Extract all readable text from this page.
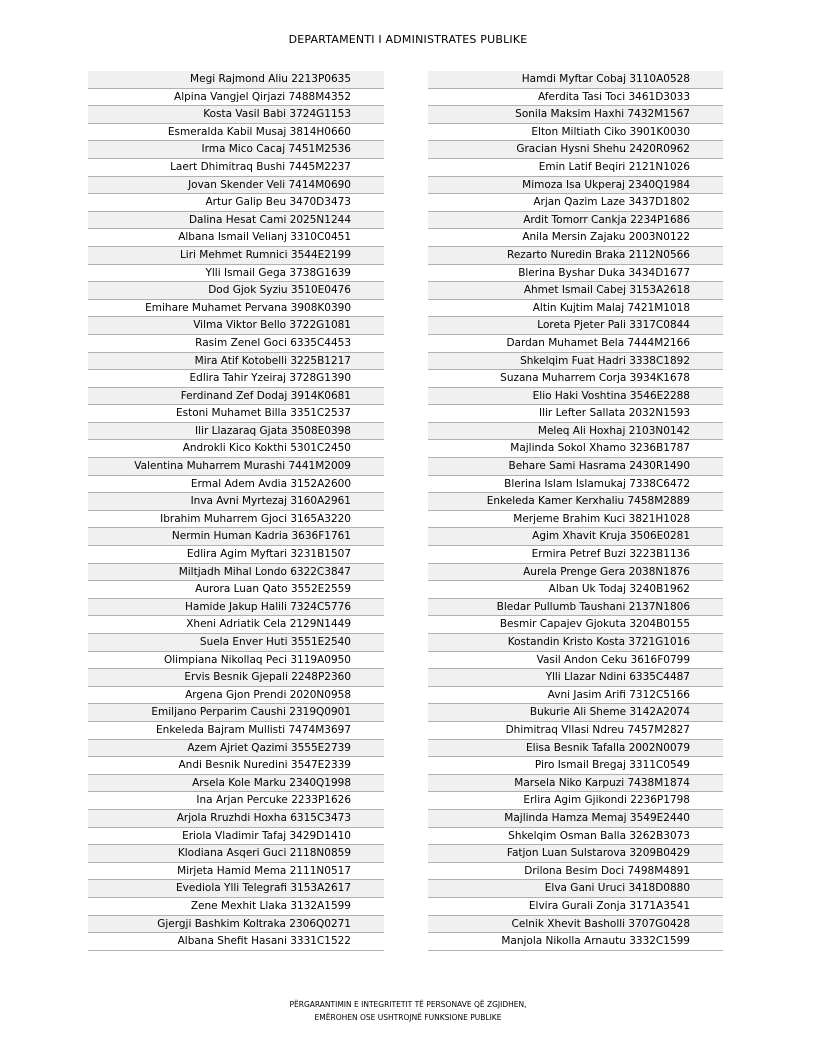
DEPARTAMENTI I ADMINISTRATES PUBLIKE
Megi Rajmond Aliu 2213P0635
Alpina Vangjel Qirjazi 7488M4352
Kosta Vasil Babi 3724G1153
Esmeralda Kabil Musaj 3814H0660
Irma Mico Cacaj 7451M2536
Laert Dhimitraq Bushi 7445M2237
Jovan Skender Veli 7414M0690
Artur Galip Beu 3470D3473
Dalina Hesat Cami 2025N1244
Albana Ismail Velianj 3310C0451
Liri Mehmet Rumnici 3544E2199
Ylli Ismail Gega 3738G1639
Dod Gjok Syziu 3510E0476
Emihare Muhamet Pervana 3908K0390
Vilma Viktor Bello 3722G1081
Rasim Zenel Goci 6335C4453
Mira Atif Kotobelli 3225B1217
Edlira Tahir Yzeiraj 3728G1390
Ferdinand Zef Dodaj 3914K0681
Estoni Muhamet Billa 3351C2537
Ilir Llazaraq Gjata 3508E0398
Androkli Kico Kokthi 5301C2450
Valentina Muharrem Murashi 7441M2009
Ermal Adem Avdia 3152A2600
Inva Avni Myrtezaj 3160A2961
Ibrahim Muharrem Gjoci 3165A3220
Nermin Human Kadria 3636F1761
Edlira Agim Myftari 3231B1507
Miltjadh Mihal Londo 6322C3847
Aurora Luan Qato 3552E2559
Hamide Jakup Halili 7324C5776
Xheni Adriatik Cela 2129N1449
Suela Enver Huti 3551E2540
Olimpiana Nikollaq Peci 3119A0950
Ervis Besnik Gjepali 2248P2360
Argena Gjon Prendi 2020N0958
Emiljano Perparim Caushi 2319Q0901
Enkeleda Bajram Mullisti 7474M3697
Azem Ajriet Qazimi 3555E2739
Andi Besnik Nuredini 3547E2339
Arsela Kole Marku 2340Q1998
Ina Arjan Percuke 2233P1626
Arjola Rruzhdi Hoxha 6315C3473
Eriola Vladimir Tafaj 3429D1410
Klodiana Asqeri Guci 2118N0859
Mirjeta Hamid Mema 2111N0517
Evediola Ylli Telegrafi 3153A2617
Zene Mexhit Llaka 3132A1599
Gjergji Bashkim Koltraka 2306Q0271
Albana Shefit Hasani 3331C1522
Hamdi Myftar Cobaj 3110A0528
Aferdita Tasi Toci 3461D3033
Sonila Maksim Haxhi 7432M1567
Elton Miltiath Ciko 3901K0030
Gracian Hysni Shehu 2420R0962
Emin Latif Beqiri 2121N1026
Mimoza Isa Ukperaj 2340Q1984
Arjan Qazim Laze 3437D1802
Ardit Tomorr Cankja 2234P1686
Anila Mersin Zajaku 2003N0122
Rezarto Nuredin Braka 2112N0566
Blerina Byshar Duka 3434D1677
Ahmet Ismail Cabej 3153A2618
Altin Kujtim Malaj 7421M1018
Loreta Pjeter Pali 3317C0844
Dardan Muhamet Bela 7444M2166
Shkelqim Fuat Hadri 3338C1892
Suzana Muharrem Corja 3934K1678
Elio Haki Voshtina 3546E2288
Ilir Lefter Sallata 2032N1593
Meleq Ali Hoxhaj 2103N0142
Majlinda Sokol Xhamo 3236B1787
Behare Sami Hasrama 2430R1490
Blerina Islam Islamukaj 7338C6472
Enkeleda Kamer Kerxhaliu 7458M2889
Merjeme Brahim Kuci 3821H1028
Agim Xhavit Kruja 3506E0281
Ermira Petref Buzi 3223B1136
Aurela Prenge Gera 2038N1876
Alban Uk Todaj 3240B1962
Bledar Pullumb Taushani 2137N1806
Besmir Capajev Gjokuta 3204B0155
Kostandin Kristo Kosta 3721G1016
Vasil Andon Ceku 3616F0799
Ylli Llazar Ndini 6335C4487
Avni Jasim Arifi 7312C5166
Bukurie Ali Sheme 3142A2074
Dhimitraq Vllasi Ndreu 7457M2827
Elisa Besnik Tafalla 2002N0079
Piro Ismail Bregaj 3311C0549
Marsela Niko Karpuzi 7438M1874
Erlira Agim Gjikondi 2236P1798
Majlinda Hamza Memaj 3549E2440
Shkelqim Osman Balla 3262B3073
Fatjon Luan Sulstarova 3209B0429
Drilona Besim Doci 7498M4891
Elva Gani Uruci 3418D0880
Elvira Gurali Zonja 3171A3541
Celnik Xhevit Basholli 3707G0428
Manjola Nikolla Arnautu 3332C1599
PËRGARANTIMIN E INTEGRITETIT TË PERSONAVE QË ZGJIDHEN,
EMËROHEN OSE USHTROJNË FUNKSIONE PUBLIKE
